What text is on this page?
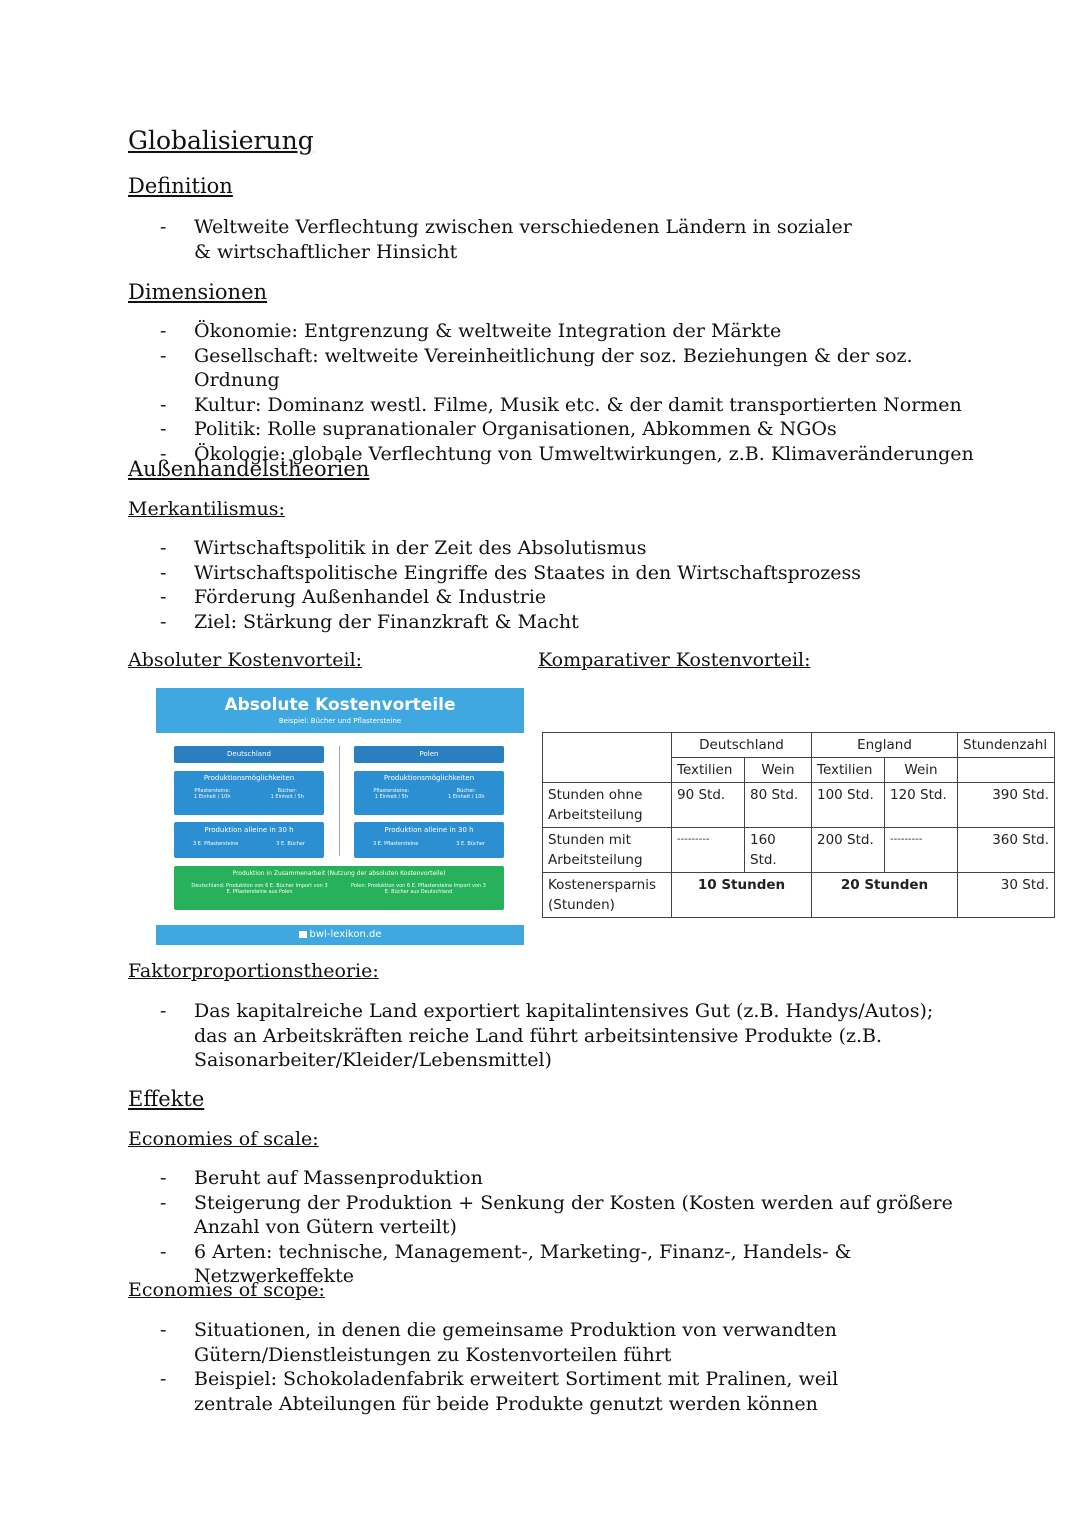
Globalisierung
Definition
- Weltweite Verflechtung zwischen verschiedenen Ländern in sozialer & wirtschaftlicher Hinsicht
Dimensionen
- Ökonomie: Entgrenzung & weltweite Integration der Märkte
- Gesellschaft: weltweite Vereinheitlichung der soz. Beziehungen & der soz. Ordnung
- Kultur: Dominanz westl. Filme, Musik etc. & der damit transportierten Normen
- Politik: Rolle supranationaler Organisationen, Abkommen & NGOs
- Ökologie: globale Verflechtung von Umweltwirkungen, z.B. Klimaveränderungen
Außenhandelstheorien
Merkantilismus:
- Wirtschaftspolitik in der Zeit des Absolutismus
- Wirtschaftspolitische Eingriffe des Staates in den Wirtschaftsprozess
- Förderung Außenhandel & Industrie
- Ziel: Stärkung der Finanzkraft & Macht
Absoluter Kostenvorteil:	Komparativer Kostenvorteil:
Absolute Kostenvorteile
Beispiel: Bücher und Pflastersteine
Deutschland	Polen
Produktionsmöglichkeiten
Pflastersteine:
1 Einheit / 10h
Bücher:
1 Einheit / 5h
Produktionsmöglichkeiten
Pflastersteine:
1 Einheit / 5h
Bücher:
1 Einheit / 10h
Produktion alleine in 30 h
3 E. Pflastersteine	3 E. Bücher
Produktion alleine in 30 h
3 E. Pflastersteine	3 E. Bücher
Produktion in Zusammenarbeit (Nutzung der absoluten Kostenvorteile)
Deutschland: Produktion von 6 E. Bücher Import von 3 E. Pflastersteine aus Polen
Polen: Produktion von 6 E. Pflastersteine Import von 3 E. Bücher aus Deutschland
bwl-lexikon.de
	Deutschland		England		Stundenzahl
	Textilien	Wein	Textilien	Wein	
Stunden ohne Arbeitsteilung	90 Std.	80 Std.	100 Std.	120 Std.	390 Std.
Stunden mit Arbeitsteilung	---------	160 Std.	200 Std.	---------	360 Std.
Kostenersparnis (Stunden)	10 Stunden		20 Stunden		30 Std.
Faktorproportionstheorie:
- Das kapitalreiche Land exportiert kapitalintensives Gut (z.B. Handys/Autos); das an Arbeitskräften reiche Land führt arbeitsintensive Produkte (z.B. Saisonarbeiter/Kleider/Lebensmittel)
Effekte
Economies of scale:
- Beruht auf Massenproduktion
- Steigerung der Produktion + Senkung der Kosten (Kosten werden auf größere Anzahl von Gütern verteilt)
- 6 Arten: technische, Management-, Marketing-, Finanz-, Handels- & Netzwerkeffekte
Economies of scope:
- Situationen, in denen die gemeinsame Produktion von verwandten Gütern/Dienstleistungen zu Kostenvorteilen führt
- Beispiel: Schokoladenfabrik erweitert Sortiment mit Pralinen, weil zentrale Abteilungen für beide Produkte genutzt werden können
